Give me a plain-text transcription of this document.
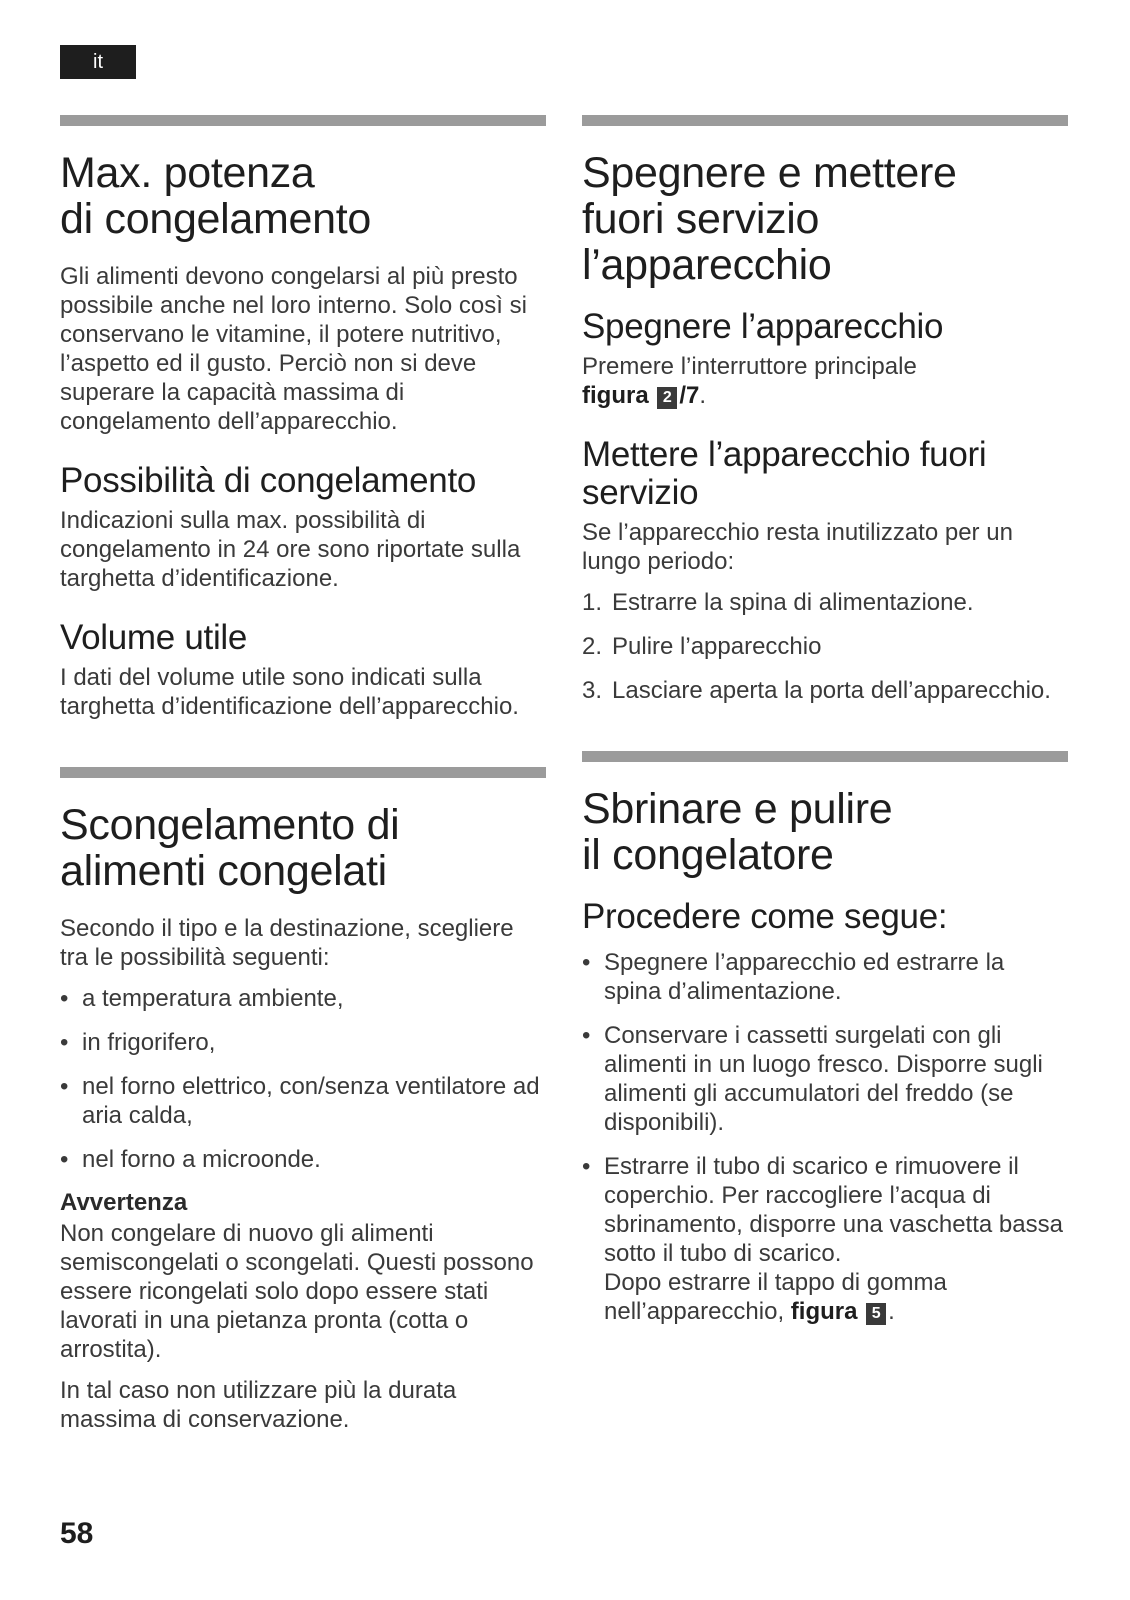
it
Max. potenza
di congelamento

Gli alimenti devono congelarsi al più presto possibile anche nel loro interno. Solo così si conservano le vitamine, il potere nutritivo, l’aspetto ed il gusto. Perciò non si deve superare la capacità massima di congelamento dell’apparecchio.

Possibilità di congelamento

Indicazioni sulla max. possibilità di congelamento in 24 ore sono riportate sulla targhetta d’identificazione.

Volume utile

I dati del volume utile sono indicati sulla targhetta d’identificazione dell’apparecchio.

Scongelamento di
alimenti congelati

Secondo il tipo e la destinazione, scegliere tra le possibilità seguenti:

• a temperatura ambiente,
• in frigorifero,
• nel forno elettrico, con/senza ventilatore ad aria calda,
• nel forno a microonde.
Avvertenza

Non congelare di nuovo gli alimenti semiscongelati o scongelati. Questi possono essere ricongelati solo dopo essere stati lavorati in una pietanza pronta (cotta o arrostita).

In tal caso non utilizzare più la durata massima di conservazione.

Spegnere e mettere
fuori servizio
l’apparecchio
Spegnere l’apparecchio

Premere l’interruttore principale
figura 2 /7.

Mettere l’apparecchio fuori servizio

Se l’apparecchio resta inutilizzato per un lungo periodo:

1. Estrarre la spina di alimentazione.
2. Pulire l’apparecchio
3. Lasciare aperta la porta dell’apparecchio.
Sbrinare e pulire
il congelatore
Procedere come segue:
• Spegnere l’apparecchio ed estrarre la spina d’alimentazione.
• Conservare i cassetti surgelati con gli alimenti in un luogo fresco. Disporre sugli alimenti gli accumulatori del freddo (se disponibili).
• Estrarre il tubo di scarico e rimuovere il coperchio. Per raccogliere l’acqua di sbrinamento, disporre una vaschetta bassa sotto il tubo di scarico.
Dopo estrarre il tappo di gomma nell’apparecchio, figura 5 .
58
